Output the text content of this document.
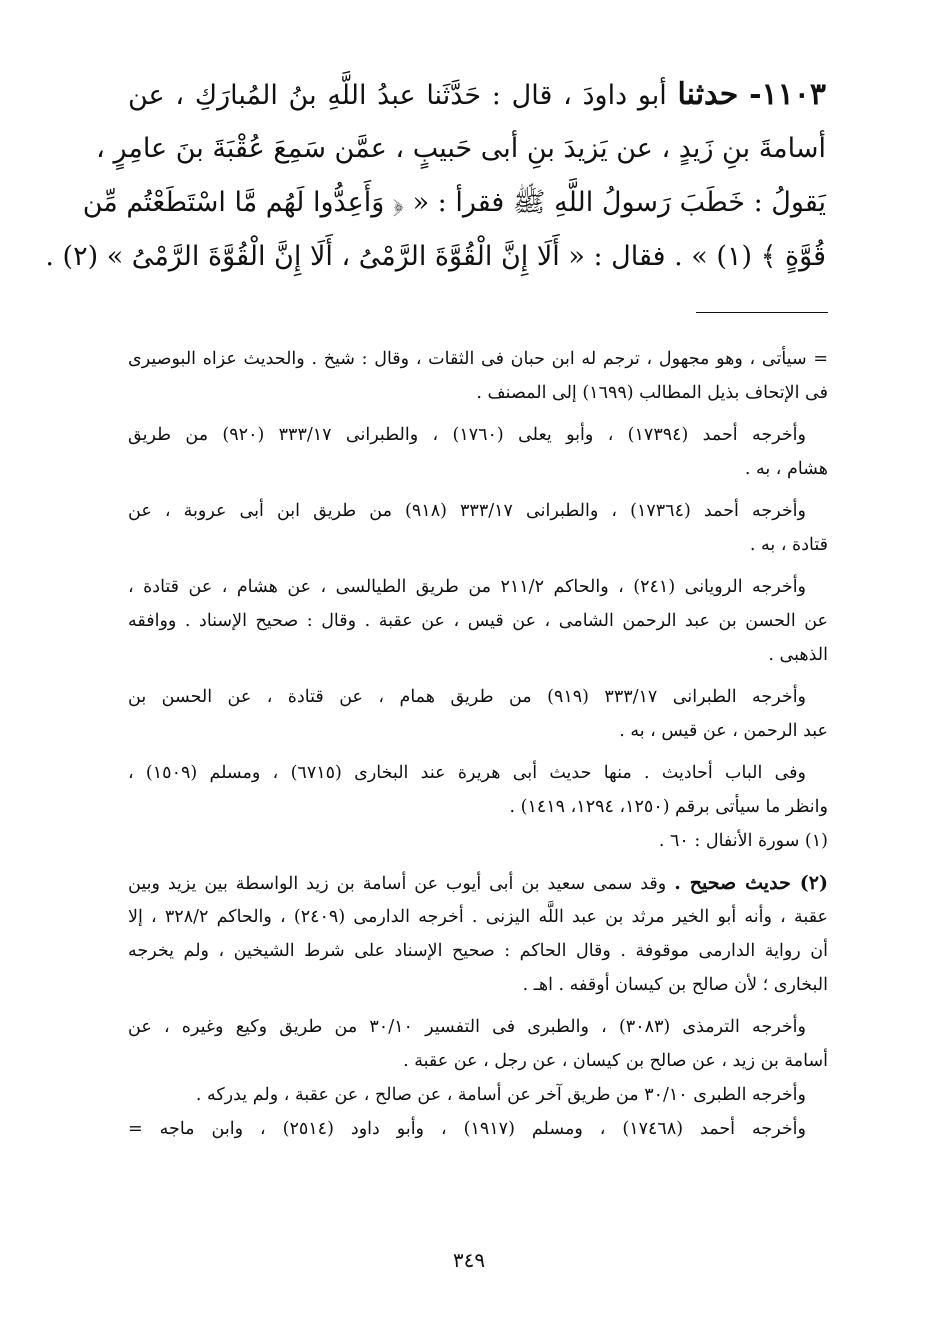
١١٠٣- حدثنا أبو داودَ ، قال : حَدَّثَنا عبدُ اللَّهِ بنُ المُبارَكِ ، عن
أسامةَ بنِ زَيدٍ ، عن يَزيدَ بنِ أبى حَبيبٍ ، عمَّن سَمِعَ عُقْبَةَ بنَ عامِرٍ ،
يَقولُ : خَطَبَ رَسولُ اللَّهِ ﷺ فقرأ : « ﴿ وَأَعِدُّوا لَهُم مَّا اسْتَطَعْتُم مِّن
قُوَّةٍ ﴾ (١) » . فقال : « أَلَا إِنَّ الْقُوَّةَ الرَّمْىُ ، أَلَا إِنَّ الْقُوَّةَ الرَّمْىُ » (٢) .
= سيأتى ، وهو مجهول ، ترجم له ابن حبان فى الثقات ، وقال : شيخ . والحديث عزاه البوصيرى
فى الإتحاف بذيل المطالب (١٦٩٩) إلى المصنف .
وأخرجه أحمد (١٧٣٩٤) ، وأبو يعلى (١٧٦٠) ، والطبرانى ٣٣٣/١٧ (٩٢٠) من طريق
هشام ، به .
وأخرجه أحمد (١٧٣٦٤) ، والطبرانى ٣٣٣/١٧ (٩١٨) من طريق ابن أبى عروبة ، عن
قتادة ، به .
وأخرجه الرويانى (٢٤١) ، والحاكم ٢١١/٢ من طريق الطيالسى ، عن هشام ، عن قتادة ،
عن الحسن بن عبد الرحمن الشامى ، عن قيس ، عن عقبة . وقال : صحيح الإسناد . ووافقه
الذهبى .
وأخرجه الطبرانى ٣٣٣/١٧ (٩١٩) من طريق همام ، عن قتادة ، عن الحسن بن
عبد الرحمن ، عن قيس ، به .
وفى الباب أحاديث . منها حديث أبى هريرة عند البخارى (٦٧١٥) ، ومسلم (١٥٠٩) ،
وانظر ما سيأتى برقم (١٢٥٠، ١٢٩٤، ١٤١٩) .
(١) سورة الأنفال : ٦٠ .
(٢) حديث صحيح . وقد سمى سعيد بن أبى أيوب عن أسامة بن زيد الواسطة بين يزيد وبين
عقبة ، وأنه أبو الخير مرثد بن عبد اللَّه اليزنى . أخرجه الدارمى (٢٤٠٩) ، والحاكم ٣٢٨/٢ ، إلا
أن رواية الدارمى موقوفة . وقال الحاكم : صحيح الإسناد على شرط الشيخين ، ولم يخرجه
البخارى ؛ لأن صالح بن كيسان أوقفه . اهـ .
وأخرجه الترمذى (٣٠٨٣) ، والطبرى فى التفسير ٣٠/١٠ من طريق وكيع وغيره ، عن
أسامة بن زيد ، عن صالح بن كيسان ، عن رجل ، عن عقبة .
وأخرجه الطبرى ٣٠/١٠ من طريق آخر عن أسامة ، عن صالح ، عن عقبة ، ولم يدركه .
وأخرجه أحمد (١٧٤٦٨) ، ومسلم (١٩١٧) ، وأبو داود (٢٥١٤) ، وابن ماجه =
٣٤٩
